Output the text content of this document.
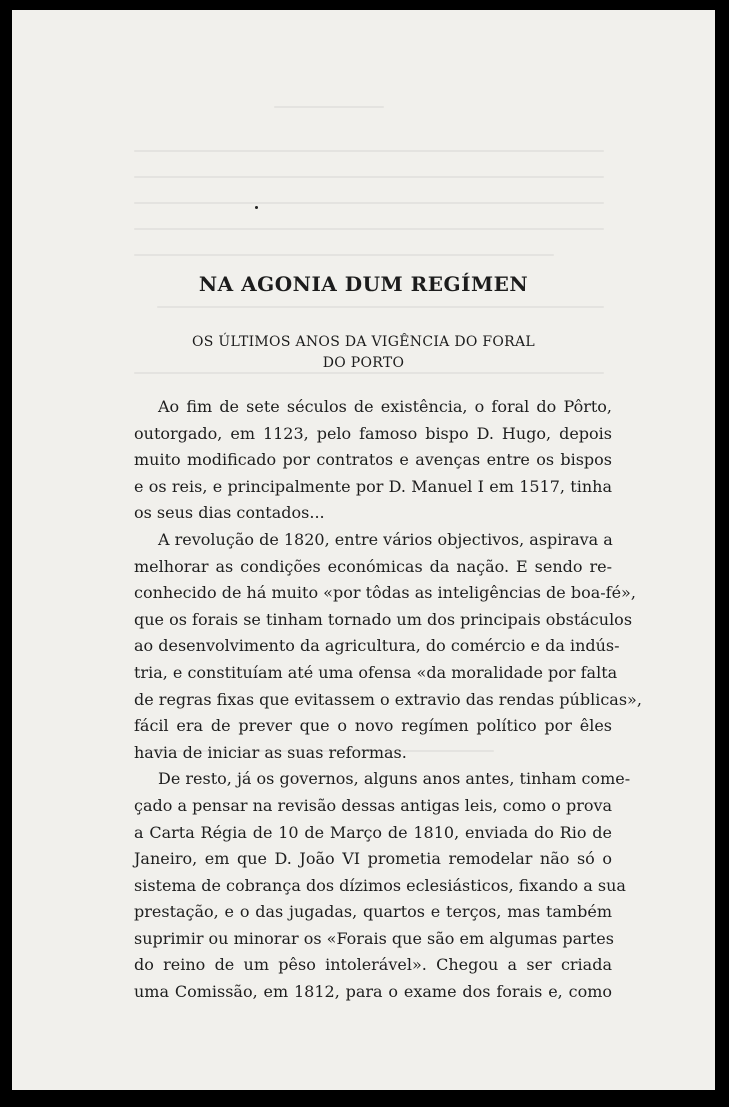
NA AGONIA DUM REGÍMEN
OS ÚLTIMOS ANOS DA VIGÊNCIA DO FORAL
DO PORTO
Ao fim de sete séculos de existência, o foral do Pôrto,
outorgado, em 1123, pelo famoso bispo D. Hugo, depois
muito modificado por contratos e avenças entre os bispos
e os reis, e principalmente por D. Manuel I em 1517, tinha
os seus dias contados...
A revolução de 1820, entre vários objectivos, aspirava a
melhorar as condições económicas da nação. E sendo re-
conhecido de há muito «por tôdas as inteligências de boa-fé»,
que os forais se tinham tornado um dos principais obstáculos
ao desenvolvimento da agricultura, do comércio e da indús-
tria, e constituíam até uma ofensa «da moralidade por falta
de regras fixas que evitassem o extravio das rendas públicas»,
fácil era de prever que o novo regímen político por êles
havia de iniciar as suas reformas.
De resto, já os governos, alguns anos antes, tinham come-
çado a pensar na revisão dessas antigas leis, como o prova
a Carta Régia de 10 de Março de 1810, enviada do Rio de
Janeiro, em que D. João VI prometia remodelar não só o
sistema de cobrança dos dízimos eclesiásticos, fixando a sua
prestação, e o das jugadas, quartos e terços, mas também
suprimir ou minorar os «Forais que são em algumas partes
do reino de um pêso intolerável». Chegou a ser criada
uma Comissão, em 1812, para o exame dos forais e, como
